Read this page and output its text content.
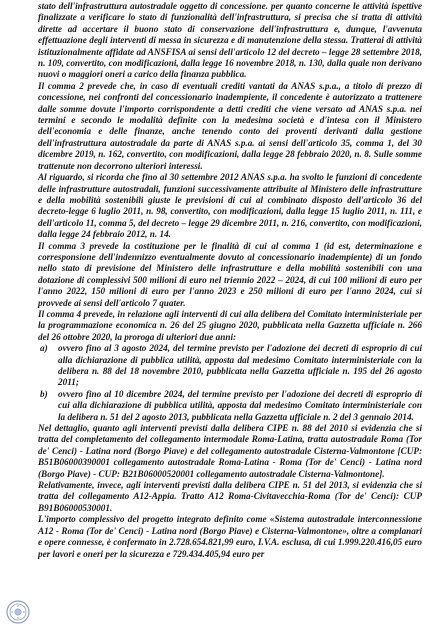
stato dell'infrastruttura autostradale oggetto di concessione. per quanto concerne le attività ispettive finalizzate a verificare lo stato di funzionalità dell'infrastruttura, si precisa che si tratta di attività dirette ad accertare il buono stato di conservazione dell'infrastruttura e, dunque, l'avvenuta effettuazione degli interventi di messa in sicurezza e di manutenzione della stessa. Tratterai di attività istituzionalmente affidate ad ANSFISA ai sensi dell'articolo 12 del decreto – legge 28 settembre 2018, n. 109, convertito, con modificazioni, dalla legge 16 novembre 2018, n. 130, dalla quale non derivano nuovi o maggiori oneri a carico della finanza pubblica.

Il comma 2 prevede che, in caso di eventuali crediti vantati da ANAS s.p.a., a titolo di prezzo di concessione, nei confronti del concessionario inadempiente, il concedente è autorizzato a trattenere dalle somme dovute l'importo corrispondente a detti crediti che viene versato ad ANAS s.p.a. nei termini e secondo le modalità definite con la medesima società e d'intesa con il Ministero dell'economia e delle finanze, anche tenendo conto dei proventi derivanti dalla gestione dell'infrastruttura autostradale da parte di ANAS s.p.a. ai sensi dell'articolo 35, comma 1, del 30 dicembre 2019, n. 162, convertito, con modificazioni, dalla legge 28 febbraio 2020, n. 8. Sulle somme trattenute non decorrono ulteriori interessi.

Al riguardo, si ricorda che fino al 30 settembre 2012 ANAS s.p.a. ha svolto le funzioni di concedente delle infrastrutture autostradali, funzioni successivamente attribuite al Ministero delle infrastrutture e della mobilità sostenibili giuste le previsioni di cui al combinato disposto dell'articolo 36 del decreto-legge 6 luglio 2011, n. 98, convertito, con modificazioni, dalla legge 15 luglio 2011, n. 111, e dell'articolo 11, comma 5, del decreto – legge 29 dicembre 2011, n. 216, convertito, con modificazioni, dalla legge 24 febbraio 2012, n. 14.

Il comma 3 prevede la costituzione per le finalità di cui al comma 1 (id est, determinazione e corresponsione dell'indennizzo eventualmente dovuto al concessionario inadempiente) di un fondo nello stato di previsione del Ministero delle infrastrutture e della mobilità sostenibili con una dotazione di complessivi 500 milioni di euro nel triennio 2022 – 2024, di cui 100 milioni di euro per l'anno 2022, 150 milioni di euro per l'anno 2023 e 250 milioni di euro per l'anno 2024, cui si provvede ai sensi dell'articolo 7 quater.

Il comma 4 prevede, in relazione agli interventi di cui alla delibera del Comitato interministeriale per la programmazione economica n. 26 del 25 giugno 2020, pubblicata nella Gazzetta ufficiale n. 266 del 26 ottobre 2020, la proroga di ulteriori due anni:

a)	ovvero fino al 3 agosto 2024, del termine previsto per l'adozione dei decreti di esproprio di cui alla dichiarazione di pubblica utilità, apposta dal medesimo Comitato interministeriale con la delibera n. 88 del 18 novembre 2010, pubblicata nella Gazzetta ufficiale n. 195 del 26 agosto 2011;
b)	ovvero fino al 10 dicembre 2024, del termine previsto per l'adozione dei decreti di esproprio di cui alla dichiarazione di pubblica utilità, apposta dal medesimo Comitato interministeriale con la delibera n. 51 del 2 agosto 2013, pubblicata nella Gazzetta ufficiale n. 2 del 3 gennaio 2014.

Nel dettaglio, quanto agli interventi previsti dalla delibera CIPE n. 88 del 2010 si evidenzia che si tratta del completamento del collegamento intermodale Roma-Latina, tratta autostradale Roma (Tor de' Cenci) - Latina nord (Borgo Piave) e del collegamento autostradale Cisterna-Valmontone [CUP: B51B06000390001 collegamento autostradale Roma-Latina - Roma (Tor de' Cenci) - Latina nord (Borgo Piave) - CUP: B21B06000520001 collegamento autostradale Cisterna-Valmontone].

Relativamente, invece, agli interventi previsti dalla delibera CIPE n. 51 del 2013, si evidenzia che si tratta del collegamento A12-Appia. Tratto A12 Roma-Civitavecchia-Roma (Tor de' Cenci): CUP B91B06000530001.

L'importo complessivo del progetto integrato definito come «Sistema autostradale interconnessione A12 - Roma (Tor de' Cenci) - Latina nord (Borgo Piave) e Cisterna-Valmontone», oltre a complanari e opere connesse, è confermato in 2.728.654.821,99 euro, I.V.A. esclusa, di cui 1.999.220.416,05 euro per lavori e oneri per la sicurezza e 729.434.405,94 euro per
